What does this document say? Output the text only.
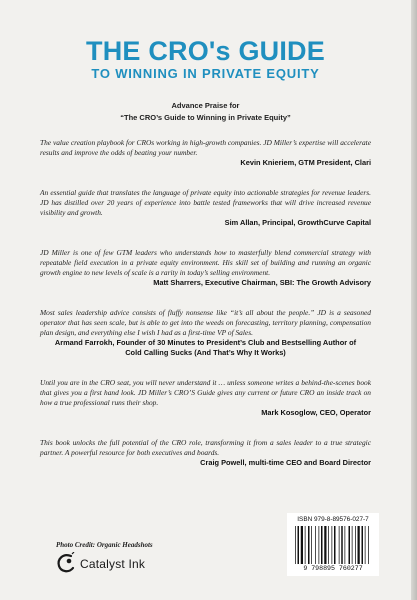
THE CRO's GUIDE
TO WINNING IN PRIVATE EQUITY
Advance Praise for
“The CRO’s Guide to Winning in Private Equity”
The value creation playbook for CROs working in high-growth companies. JD Miller’s expertise will accelerate results and improve the odds of beating your number.
Kevin Knieriem, GTM President, Clari
An essential guide that translates the language of private equity into actionable strategies for revenue leaders. JD has distilled over 20 years of experience into battle tested frameworks that will drive increased revenue visibility and growth.
Sim Allan, Principal, GrowthCurve Capital
JD Miller is one of few GTM leaders who understands how to masterfully blend commercial strategy with repeatable field execution in a private equity environment. His skill set of building and running an organic growth engine to new levels of scale is a rarity in today’s selling environment.
Matt Sharrers, Executive Chairman, SBI: The Growth Advisory
Most sales leadership advice consists of fluffy nonsense like “it’s all about the people.” JD is a seasoned operator that has seen scale, but is able to get into the weeds on forecasting, territory planning, compensation plan design, and everything else I wish I had as a first-time VP of Sales.
Armand Farrokh, Founder of 30 Minutes to President’s Club and Bestselling Author of
Cold Calling Sucks (And That’s Why It Works)
Until you are in the CRO seat, you will never understand it … unless someone writes a behind-the-scenes book that gives you a first hand look. JD Miller’s CRO’S Guide gives any current or future CRO an inside track on how a true professional runs their shop.
Mark Kosoglow, CEO, Operator
This book unlocks the full potential of the CRO role, transforming it from a sales leader to a true strategic partner. A powerful resource for both executives and boards.
Craig Powell, multi-time CEO and Board Director
ISBN 979-8-89576-027-7
9 798895 760277
Photo Credit: Organic Headshots
Catalyst Ink
